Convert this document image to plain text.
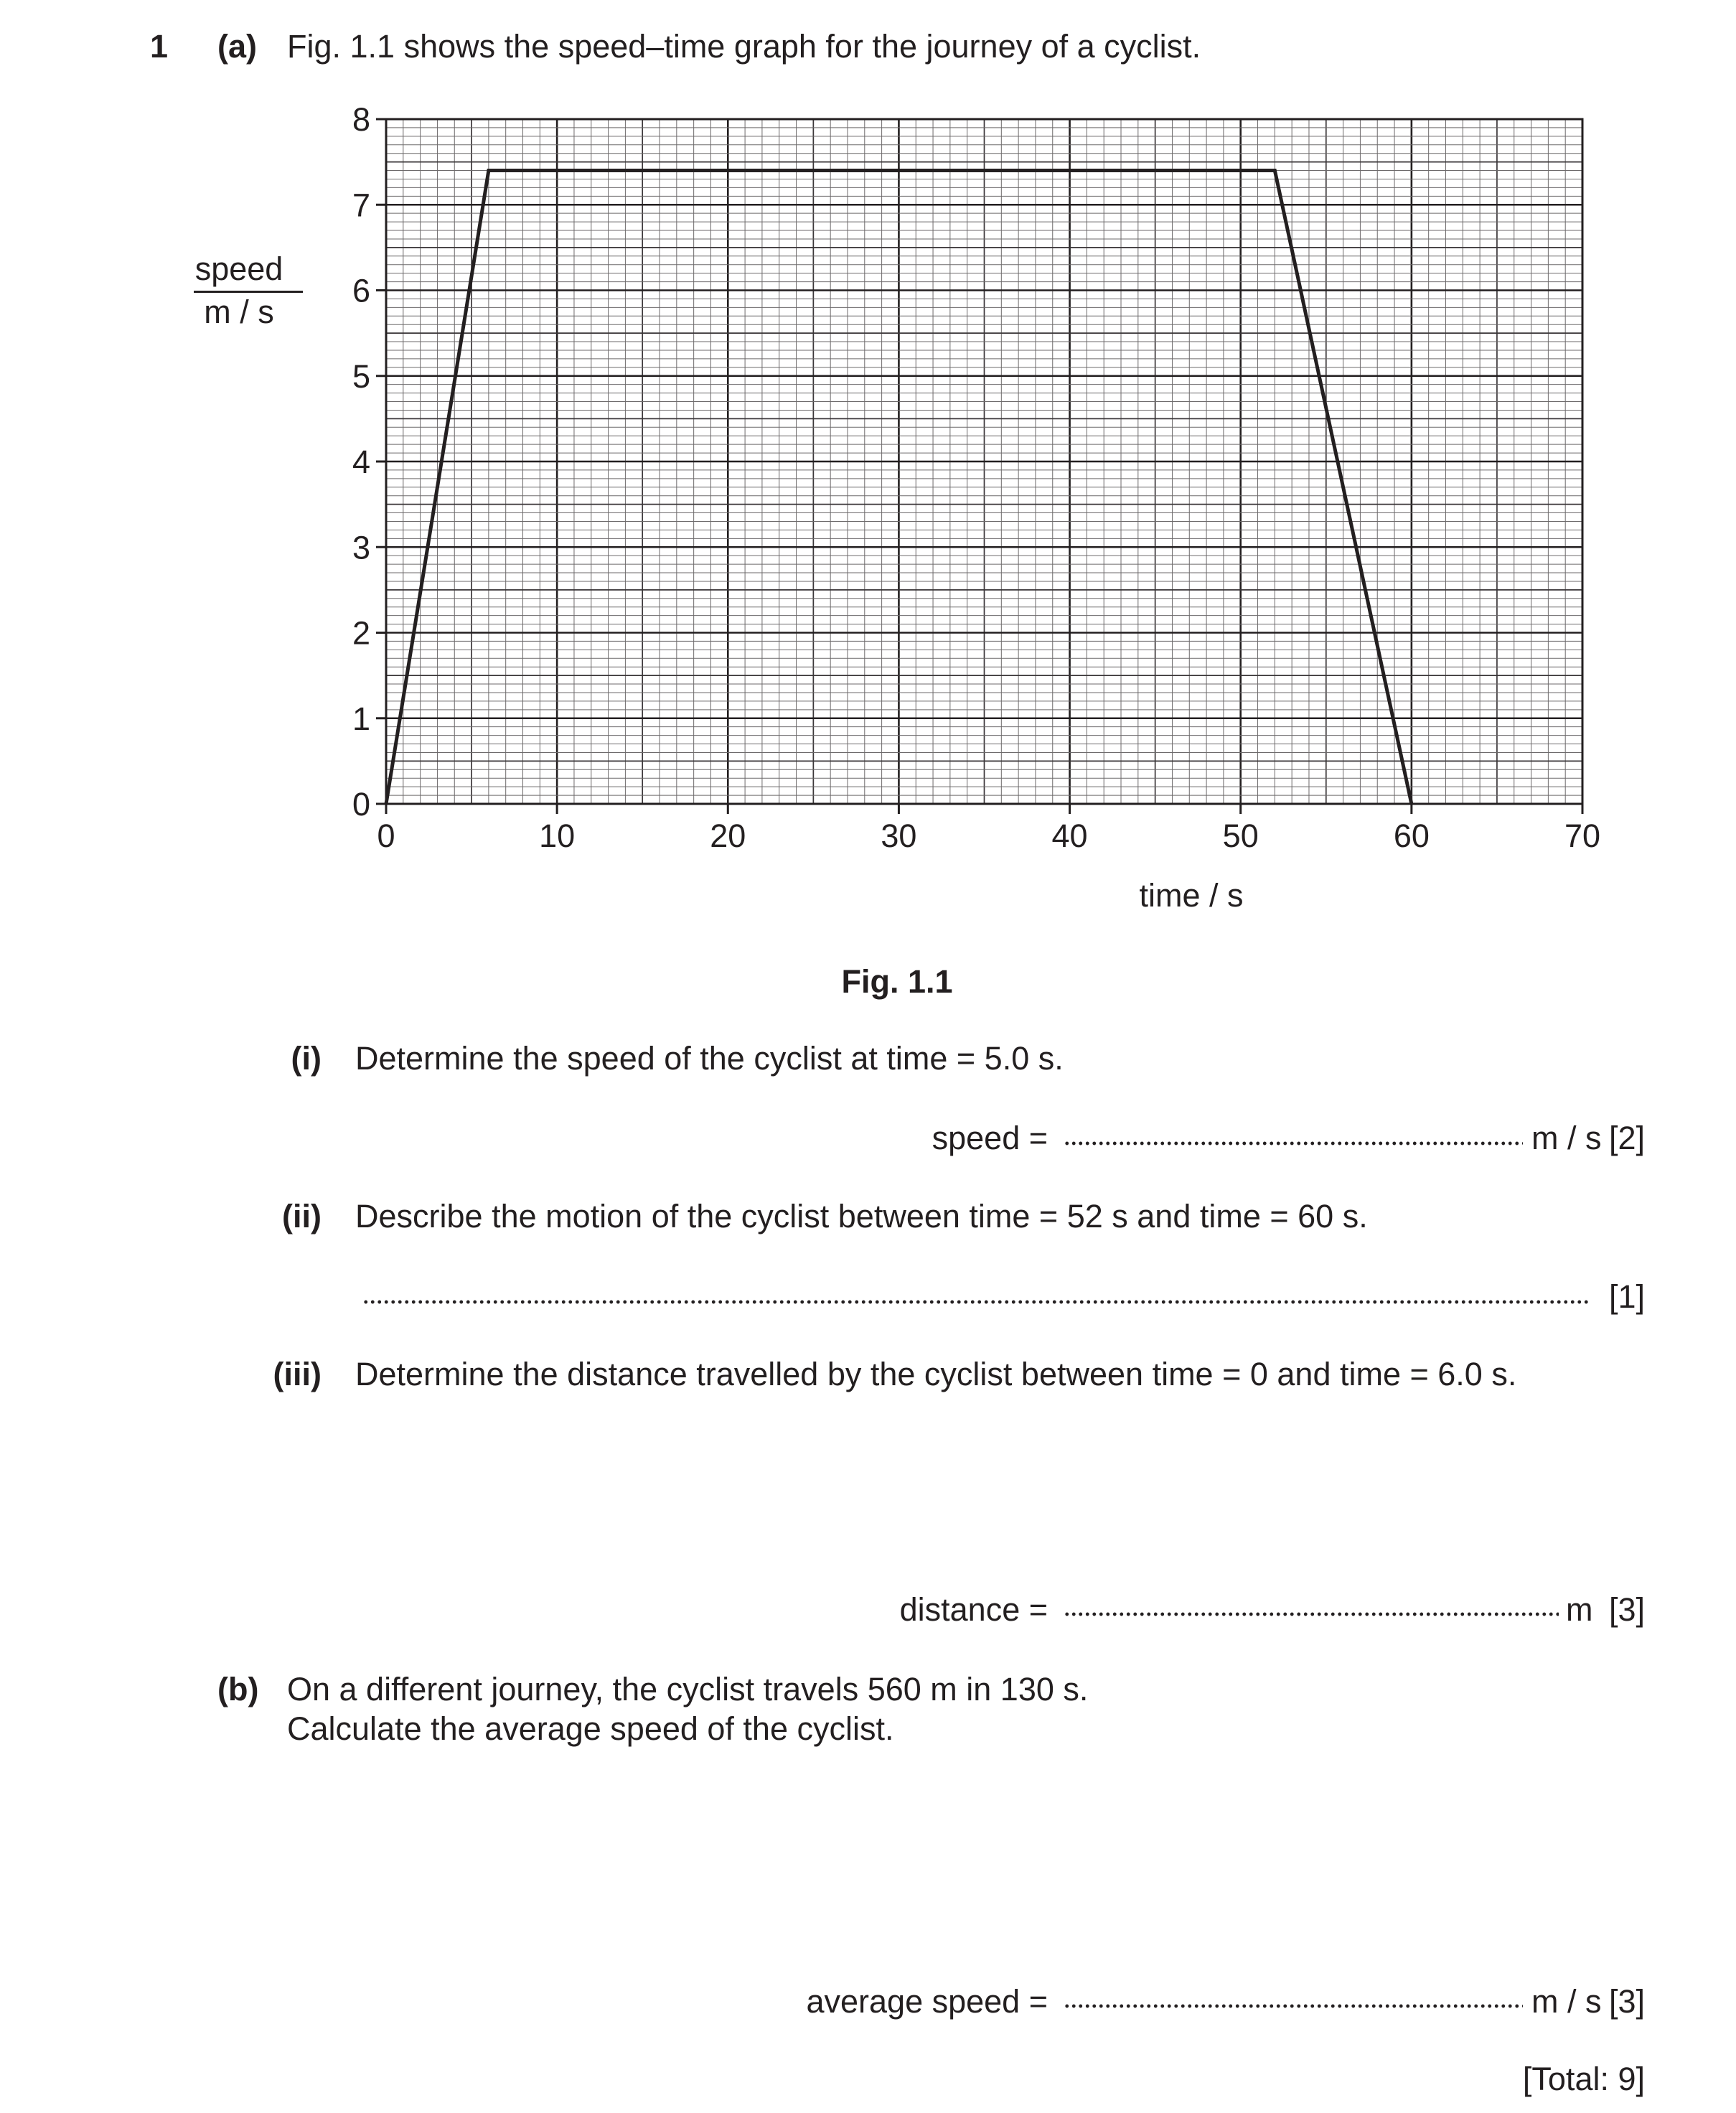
1 (a) Fig. 1.1 shows the speed–time graph for the journey of a cyclist.
speed
m / s
0	10	20	30	40	50	60	70
0
1
2
3
4
5
6
7
8
time / s
Fig. 1.1
(i) Determine the speed of the cyclist at time = 5.0 s.
speed =	m / s [2]
(ii) Describe the motion of the cyclist between time = 52 s and time = 60 s.
[1]
(iii) Determine the distance travelled by the cyclist between time = 0 and time = 6.0 s.
distance =	m [3]
(b) On a different journey, the cyclist travels 560 m in 130 s.
Calculate the average speed of the cyclist.
average speed =	m / s [3]
[Total: 9]
